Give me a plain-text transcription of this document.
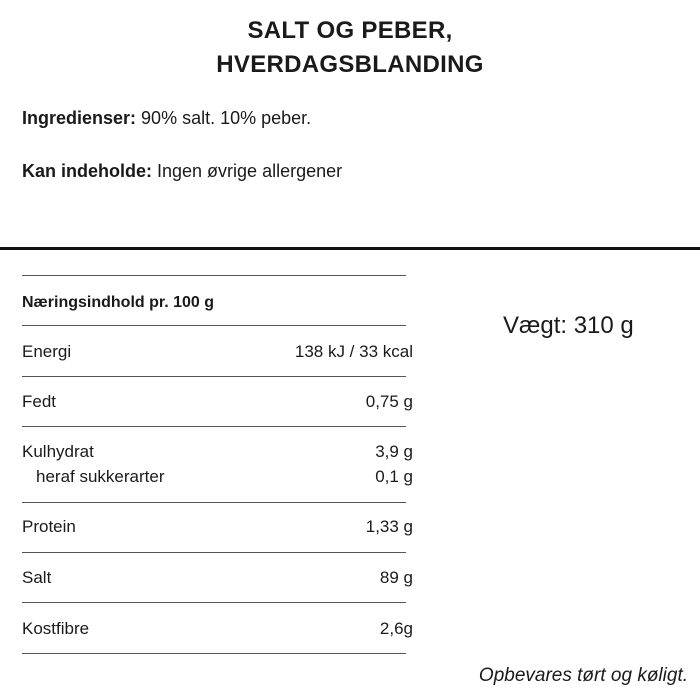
SALT OG PEBER,
HVERDAGSBLANDING
Ingredienser: 90% salt. 10% peber.
Kan indeholde: Ingen øvrige allergener
Næringsindhold pr. 100 g
Energi	138 kJ / 33 kcal
Fedt	0,75 g
Kulhydrat	3,9 g
heraf sukkerarter	0,1 g
Protein	1,33 g
Salt	89 g
Kostfibre	2,6g
Vægt: 310 g
Opbevares tørt og køligt.
